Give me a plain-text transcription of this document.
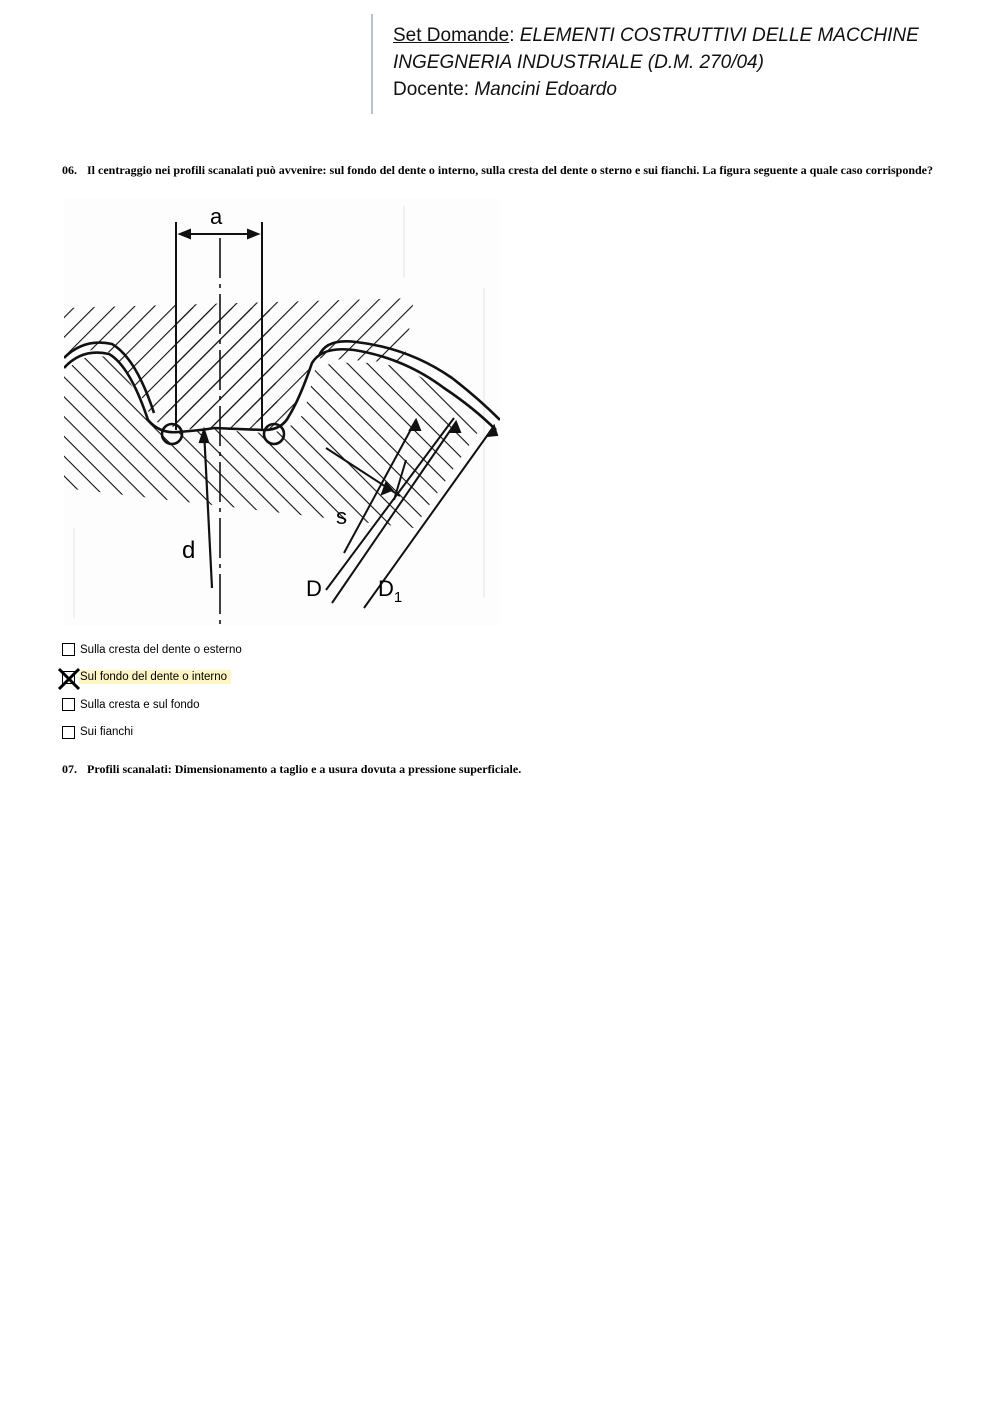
Set Domande: ELEMENTI COSTRUTTIVI DELLE MACCHINE
INGEGNERIA INDUSTRIALE (D.M. 270/04)
Docente: Mancini Edoardo
06. Il centraggio nei profili scanalati può avvenire: sul fondo del dente o interno, sulla cresta del dente o sterno e sui fianchi. La figura seguente a quale caso corrisponde?
a
d
s
D	$D_1$
Sulla cresta del dente o esterno
Sul fondo del dente o interno
Sulla cresta e sul fondo
Sui fianchi
07. Profili scanalati: Dimensionamento a taglio e a usura dovuta a pressione superficiale.
